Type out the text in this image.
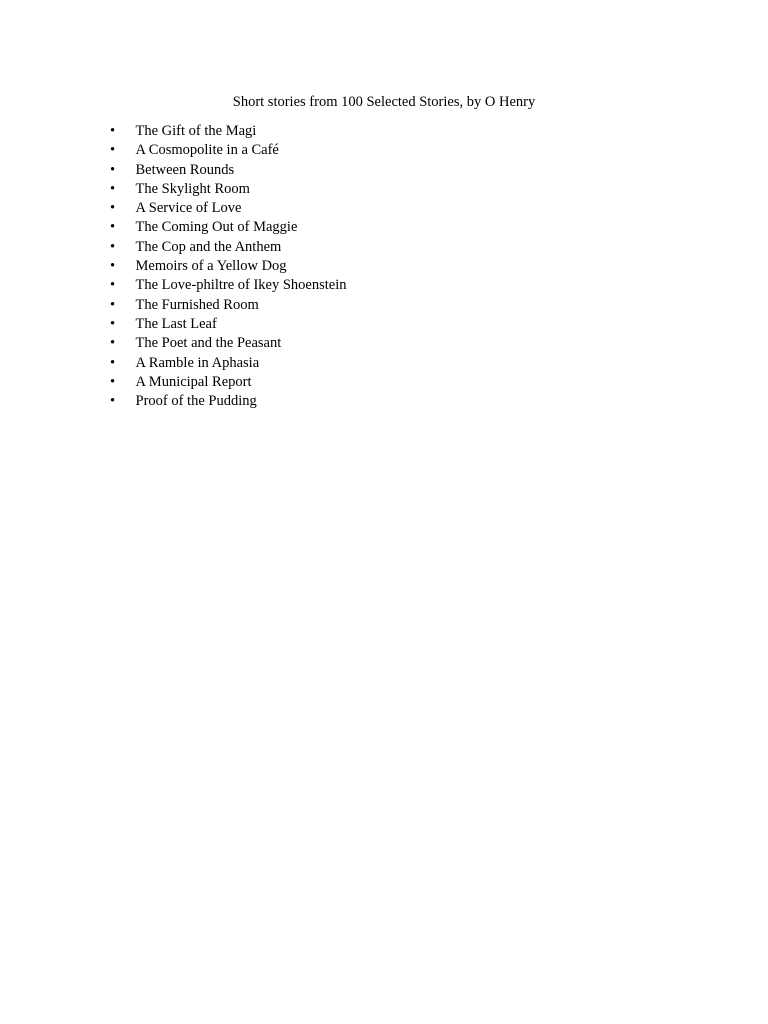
Short stories from 100 Selected Stories, by O Henry

• The Gift of the Magi
• A Cosmopolite in a Café
• Between Rounds
• The Skylight Room
• A Service of Love
• The Coming Out of Maggie
• The Cop and the Anthem
• Memoirs of a Yellow Dog
• The Love-philtre of Ikey Shoenstein
• The Furnished Room
• The Last Leaf
• The Poet and the Peasant
• A Ramble in Aphasia
• A Municipal Report
• Proof of the Pudding
